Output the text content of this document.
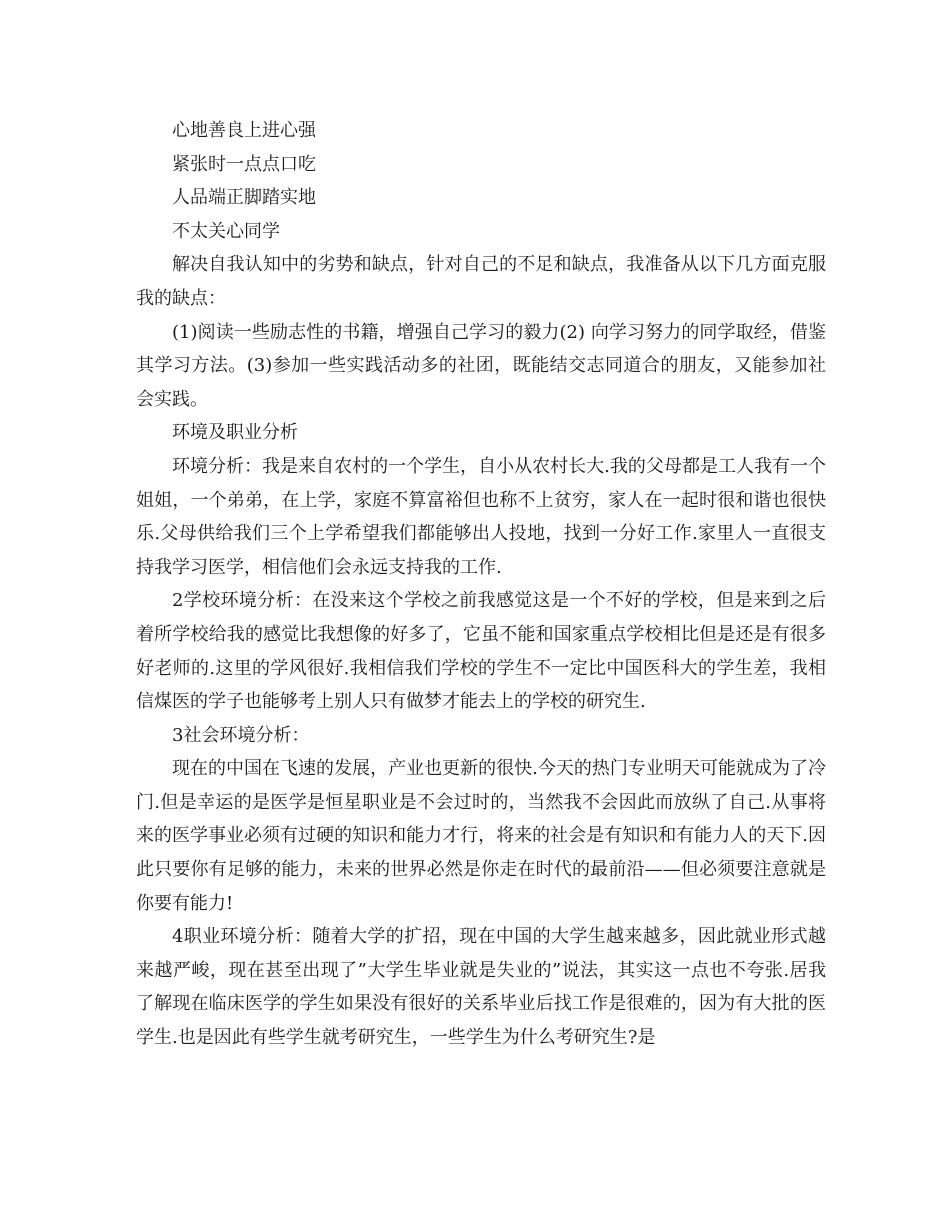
心地善良上进心强

紧张时一点点口吃

人品端正脚踏实地

不太关心同学

解决自我认知中的劣势和缺点，针对自己的不足和缺点，我准备从以下几方面克服我的缺点：

(1)阅读一些励志性的书籍，增强自己学习的毅力(2) 向学习努力的同学取经，借鉴其学习方法。(3)参加一些实践活动多的社团，既能结交志同道合的朋友，又能参加社会实践。

环境及职业分析

环境分析：我是来自农村的一个学生，自小从农村长大.我的父母都是工人我有一个姐姐，一个弟弟，在上学，家庭不算富裕但也称不上贫穷，家人在一起时很和谐也很快乐.父母供给我们三个上学希望我们都能够出人投地，找到一分好工作.家里人一直很支持我学习医学，相信他们会永远支持我的工作.

2学校环境分析：在没来这个学校之前我感觉这是一个不好的学校，但是来到之后着所学校给我的感觉比我想像的好多了，它虽不能和国家重点学校相比但是还是有很多好老师的.这里的学风很好.我相信我们学校的学生不一定比中国医科大的学生差，我相信煤医的学子也能够考上别人只有做梦才能去上的学校的研究生.

3社会环境分析：

现在的中国在飞速的发展，产业也更新的很快.今天的热门专业明天可能就成为了冷门.但是幸运的是医学是恒星职业是不会过时的，当然我不会因此而放纵了自己.从事将来的医学事业必须有过硬的知识和能力才行，将来的社会是有知识和有能力人的天下.因此只要你有足够的能力，未来的世界必然是你走在时代的最前沿——但必须要注意就是你要有能力!

4职业环境分析：随着大学的扩招，现在中国的大学生越来越多，因此就业形式越来越严峻，现在甚至出现了”大学生毕业就是失业的”说法，其实这一点也不夸张.居我了解现在临床医学的学生如果没有很好的关系毕业后找工作是很难的，因为有大批的医学生.也是因此有些学生就考研究生，一些学生为什么考研究生?是
